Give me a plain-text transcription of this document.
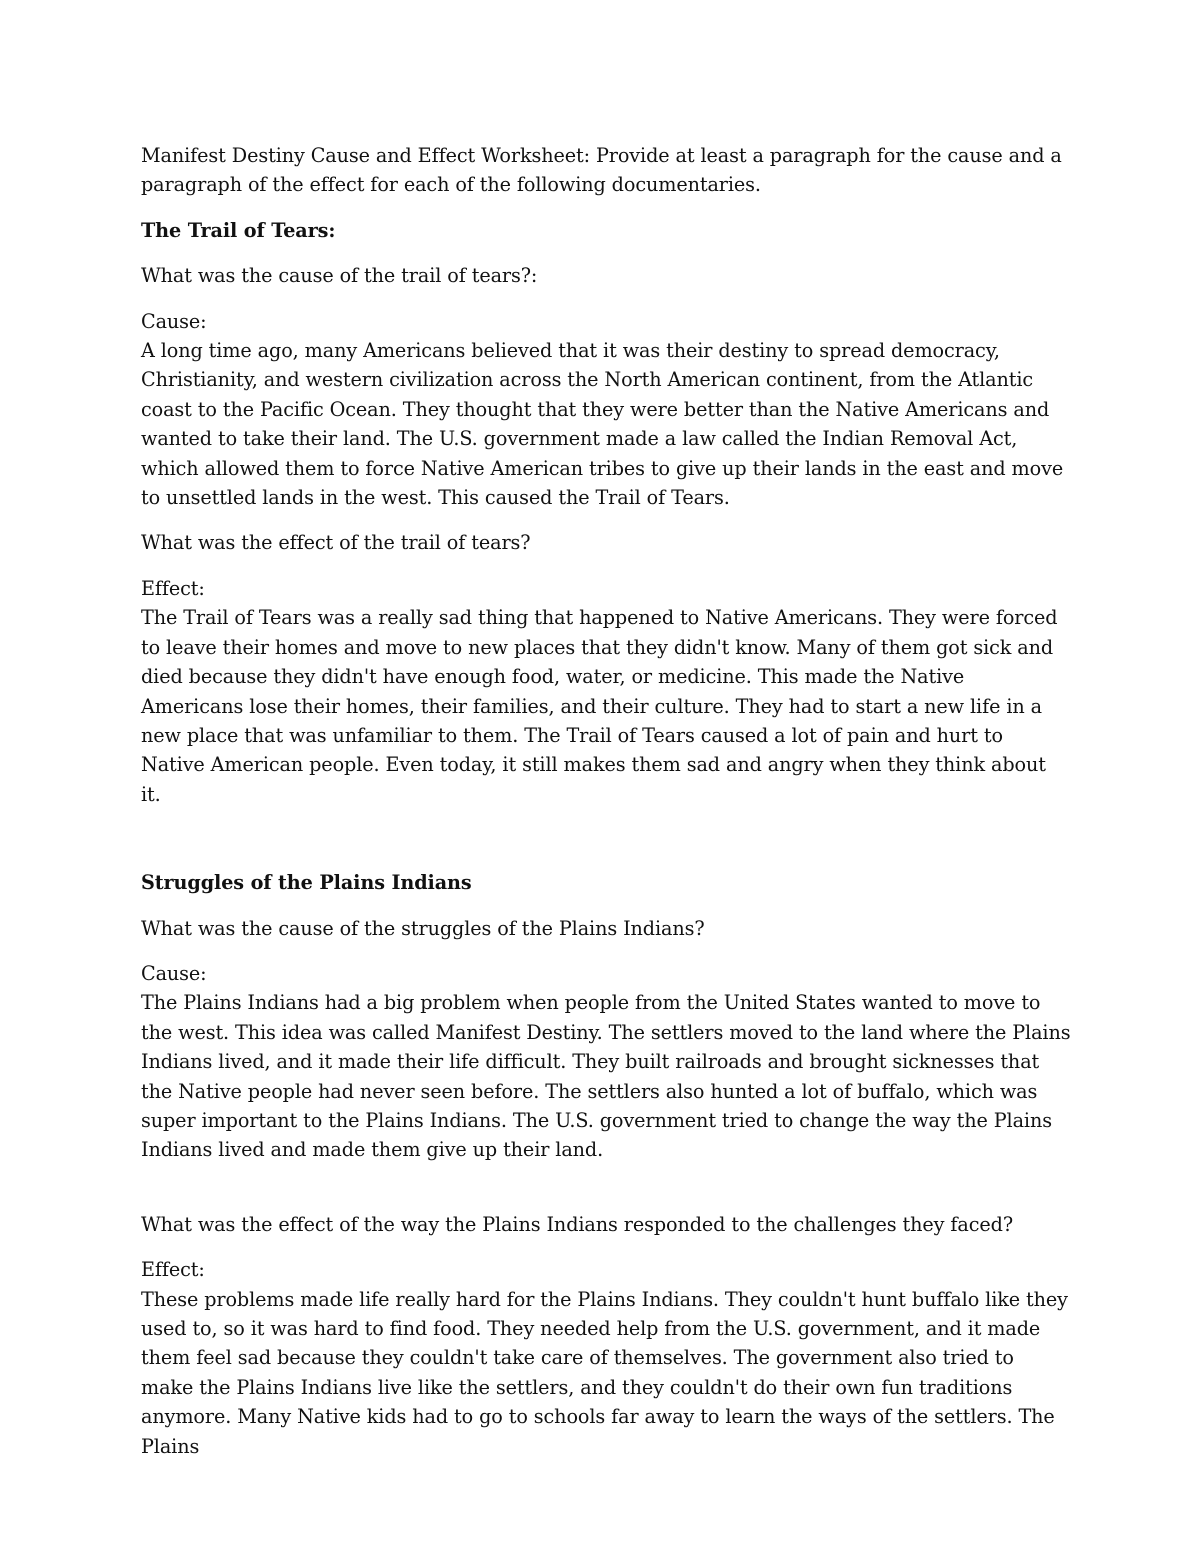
Manifest Destiny Cause and Effect Worksheet: Provide at least a paragraph for the cause and a paragraph of the effect for each of the following documentaries.

The Trail of Tears:

What was the cause of the trail of tears?:

Cause:

A long time ago, many Americans believed that it was their destiny to spread democracy, Christianity, and western civilization across the North American continent, from the Atlantic coast to the Pacific Ocean. They thought that they were better than the Native Americans and wanted to take their land. The U.S. government made a law called the Indian Removal Act, which allowed them to force Native American tribes to give up their lands in the east and move to unsettled lands in the west. This caused the Trail of Tears.

What was the effect of the trail of tears?

Effect:

The Trail of Tears was a really sad thing that happened to Native Americans. They were forced to leave their homes and move to new places that they didn't know. Many of them got sick and died because they didn't have enough food, water, or medicine. This made the Native Americans lose their homes, their families, and their culture. They had to start a new life in a new place that was unfamiliar to them. The Trail of Tears caused a lot of pain and hurt to Native American people. Even today, it still makes them sad and angry when they think about it.

Struggles of the Plains Indians

What was the cause of the struggles of the Plains Indians?

Cause:

The Plains Indians had a big problem when people from the United States wanted to move to the west. This idea was called Manifest Destiny. The settlers moved to the land where the Plains Indians lived, and it made their life difficult. They built railroads and brought sicknesses that the Native people had never seen before. The settlers also hunted a lot of buffalo, which was super important to the Plains Indians. The U.S. government tried to change the way the Plains Indians lived and made them give up their land.

What was the effect of the way the Plains Indians responded to the challenges they faced?

Effect:

These problems made life really hard for the Plains Indians. They couldn't hunt buffalo like they used to, so it was hard to find food. They needed help from the U.S. government, and it made them feel sad because they couldn't take care of themselves. The government also tried to make the Plains Indians live like the settlers, and they couldn't do their own fun traditions anymore. Many Native kids had to go to schools far away to learn the ways of the settlers. The Plains
